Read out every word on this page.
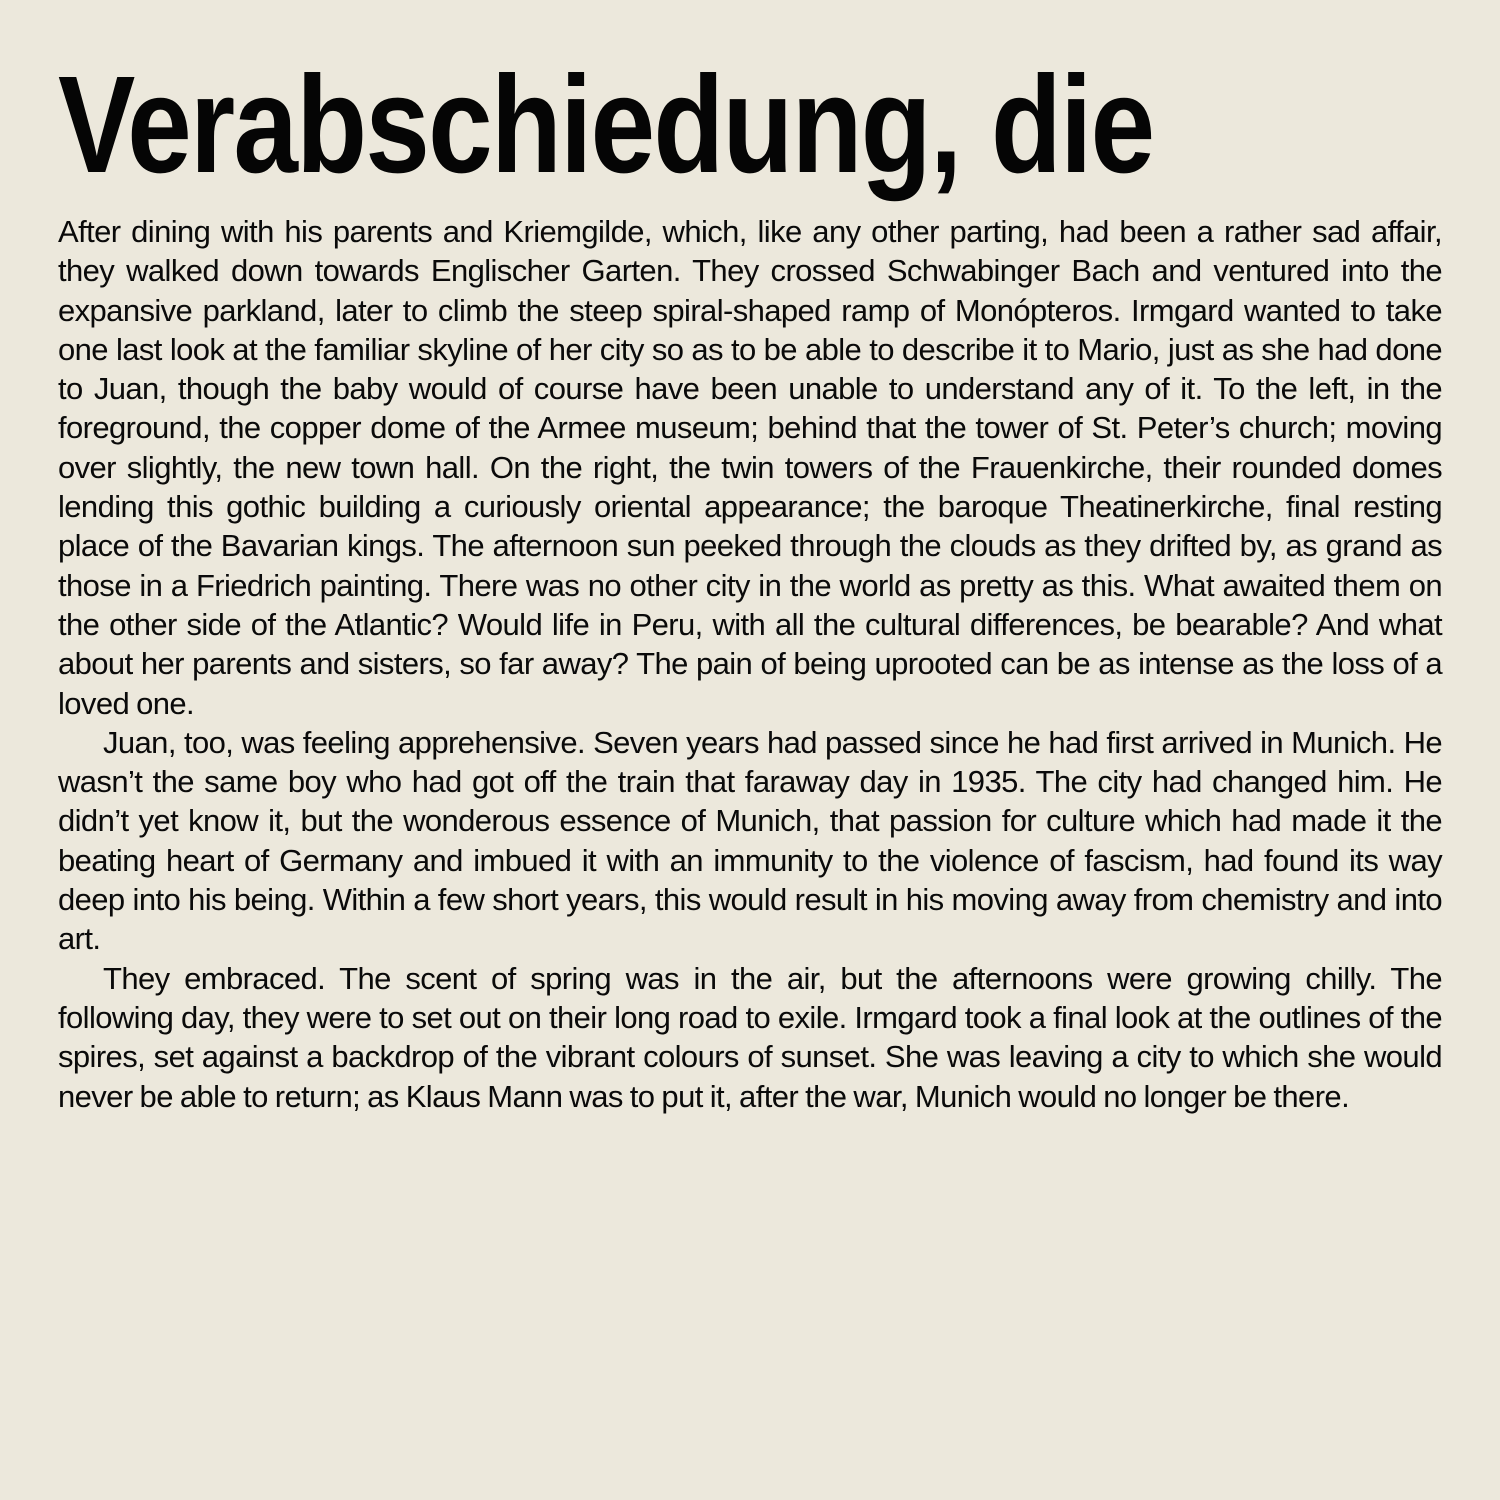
Verabschiedung, die

After dining with his parents and Kriemgilde, which, like any other parting, had been a rather sad affair, they walked down towards Englischer Garten. They crossed Schwabinger Bach and ventured into the expansive parkland, later to climb the steep spiral-shaped ramp of Monópteros. Irmgard wanted to take one last look at the familiar skyline of her city so as to be able to describe it to Mario, just as she had done to Juan, though the baby would of course have been unable to understand any of it. To the left, in the foreground, the copper dome of the Armee museum; behind that the tower of St. Peter’s church; moving over slightly, the new town hall. On the right, the twin towers of the Frauenkirche, their rounded domes lending this gothic building a curiously oriental appearance; the baroque Theatinerkirche, final resting place of the Bavarian kings. The afternoon sun peeked through the clouds as they drifted by, as grand as those in a Friedrich painting. There was no other city in the world as pretty as this. What awaited them on the other side of the Atlantic? Would life in Peru, with all the cultural differences, be bearable? And what about her parents and sisters, so far away? The pain of being uprooted can be as intense as the loss of a loved one.

Juan, too, was feeling apprehensive. Seven years had passed since he had first arrived in Munich. He wasn’t the same boy who had got off the train that faraway day in 1935. The city had changed him. He didn’t yet know it, but the wonderous essence of Munich, that passion for culture which had made it the beating heart of Germany and imbued it with an immunity to the violence of fascism, had found its way deep into his being. Within a few short years, this would result in his moving away from chemistry and into art.

They embraced. The scent of spring was in the air, but the afternoons were growing chilly. The following day, they were to set out on their long road to exile. Irmgard took a final look at the outlines of the spires, set against a backdrop of the vibrant colours of sunset. She was leaving a city to which she would never be able to return; as Klaus Mann was to put it, after the war, Munich would no longer be there.
